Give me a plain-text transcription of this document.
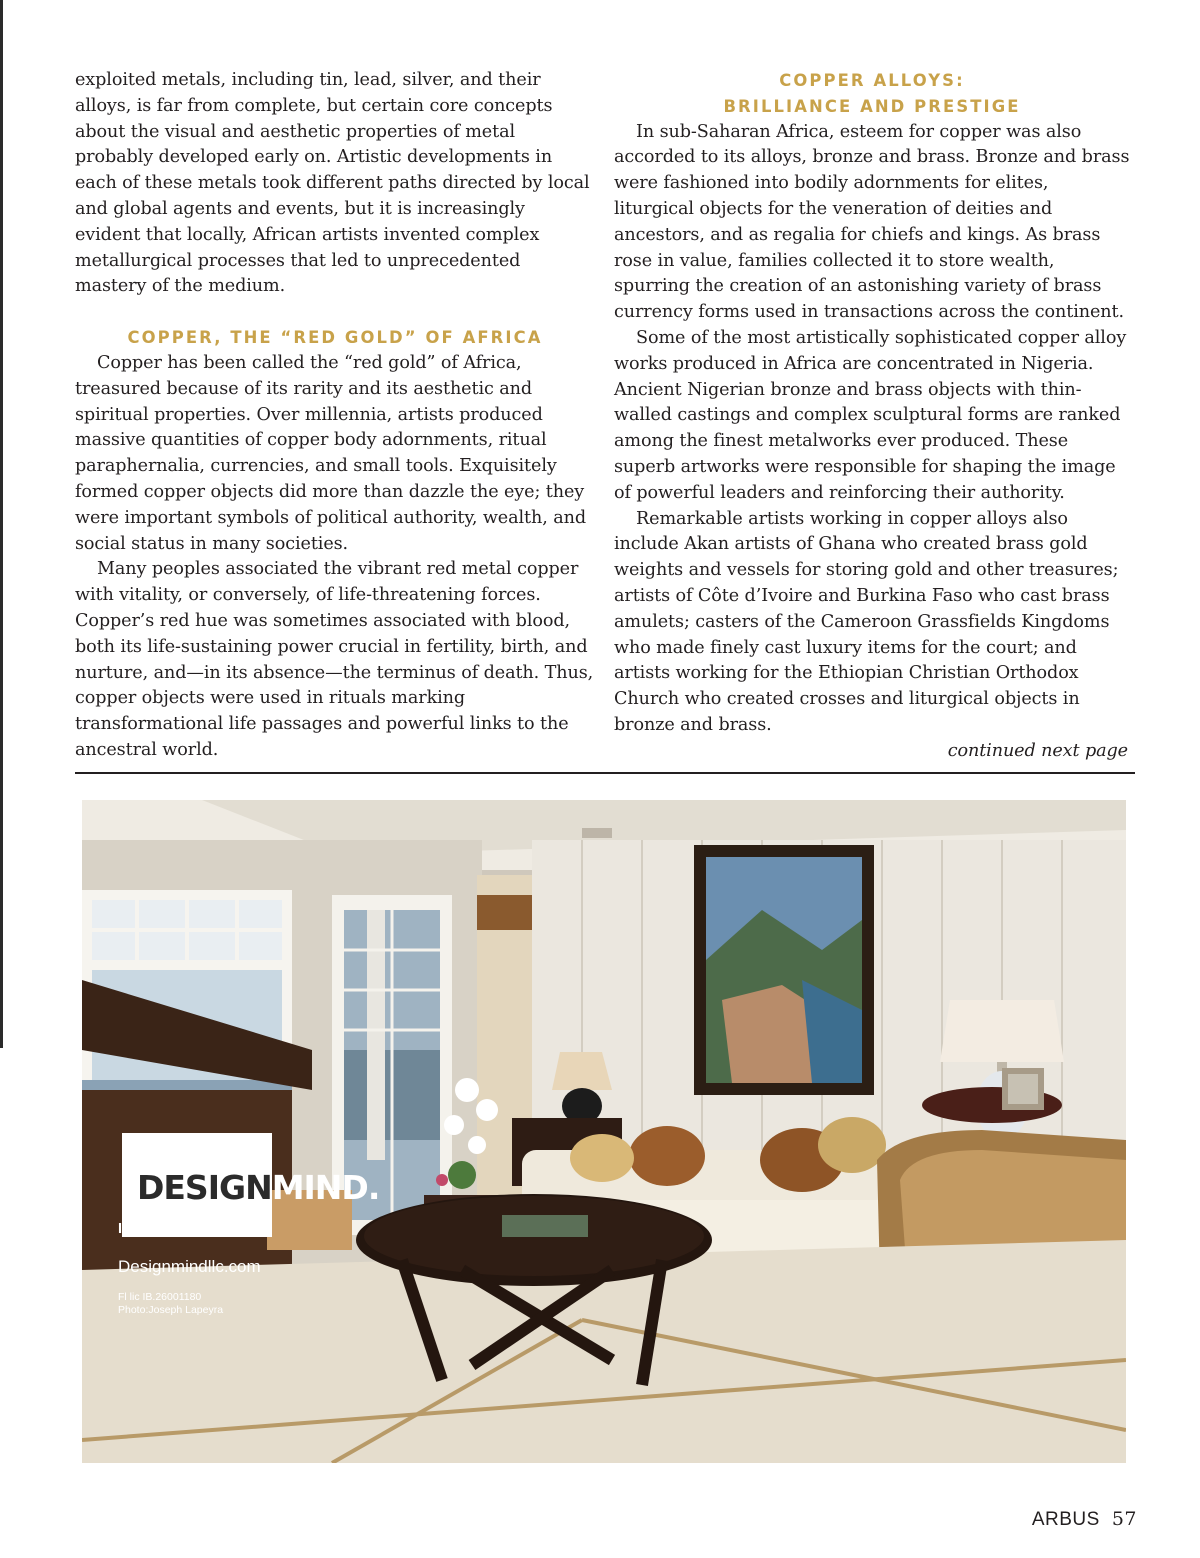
exploited metals, including tin, lead, silver, and their alloys, is far from complete, but certain core concepts about the visual and aesthetic properties of metal probably developed early on. Artistic developments in each of these metals took different paths directed by local and global agents and events, but it is increasingly evident that locally, African artists invented complex metallurgical processes that led to unprecedented mastery of the medium.

COPPER, THE “RED GOLD” OF AFRICA

Copper has been called the “red gold” of Africa, treasured because of its rarity and its aesthetic and spiritual properties. Over millennia, artists produced massive quantities of copper body adornments, ritual paraphernalia, currencies, and small tools. Exquisitely formed copper objects did more than dazzle the eye; they were important symbols of political authority, wealth, and social status in many societies.

Many peoples associated the vibrant red metal copper with vitality, or conversely, of life-threatening forces. Copper’s red hue was sometimes associated with blood, both its life-sustaining power crucial in fertility, birth, and nurture, and—in its absence—the terminus of death. Thus, copper objects were used in rituals marking transformational life passages and powerful links to the ancestral world.

COPPER ALLOYS:
BRILLIANCE AND PRESTIGE

In sub-Saharan Africa, esteem for copper was also accorded to its alloys, bronze and brass. Bronze and brass were fashioned into bodily adornments for elites, liturgical objects for the veneration of deities and ancestors, and as regalia for chiefs and kings. As brass rose in value, families collected it to store wealth, spurring the creation of an astonishing variety of brass currency forms used in transactions across the continent.

Some of the most artistically sophisticated copper alloy works produced in Africa are concentrated in Nigeria. Ancient Nigerian bronze and brass objects with thin-walled castings and complex sculptural forms are ranked among the finest metalworks ever produced. These superb artworks were responsible for shaping the image of powerful leaders and reinforcing their authority.

Remarkable artists working in copper alloys also include Akan artists of Ghana who created brass gold weights and vessels for storing gold and other treasures; artists of Côte d’Ivoire and Burkina Faso who cast brass amulets; casters of the Cameroon Grassfields Kingdoms who made finely cast luxury items for the court; and artists working for the Ethiopian Christian Orthodox Church who created crosses and liturgical objects in bronze and brass.

continued next page

DESIGNMIND.
INTERIOR DESIGN
Designmindllc.com
Fl lic IB.26001180
Photo:Joseph Lapeyra
ARBUS 57
